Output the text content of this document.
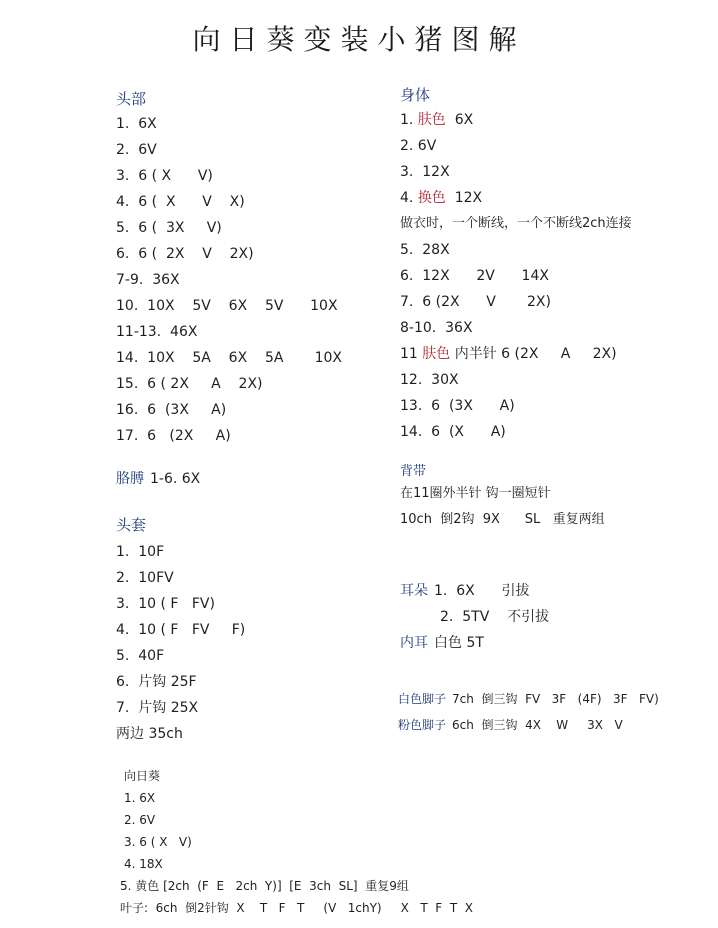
向日葵变装小猪图解
头部
1.  6X
2.  6V
3.  6 ( X      V)
4.  6 (  X      V    X)
5.  6 (  3X     V)
6.  6 (  2X    V    2X)
7-9.  36X
10.  10X    5V    6X    5V      10X
11-13.  46X
14.  10X    5A    6X    5A       10X
15.  6 ( 2X     A    2X)
16.  6  (3X     A)
17.  6   (2X     A)
胳膊 1-6. 6X
头套
1.  10F
2.  10FV
3.  10 ( F   FV)
4.  10 ( F   FV     F)
5.  40F
6.  片钩 25F
7.  片钩 25X
两边 35ch
向日葵
1. 6X
2. 6V
3. 6 ( X   V)
4. 18X
5. 黄色 [2ch  (F  E   2ch  Y)]  [E  3ch  SL]  重复9组
叶子:  6ch  倒2针钩  X    T   F   T     (V   1chY)     X   T  F  T  X
身体
1. 肤色 6X
2. 6V
3.  12X
4. 换色 12X
做衣时，一个断线，一个不断线2ch连接
5.  28X
6.  12X      2V      14X
7.  6 (2X      V       2X)
8-10.  36X
11 肤色 内半针 6 (2X     A     2X)
12.  30X
13.  6  (3X      A)
14.  6  (X      A)
背带
在11圈外半针 钩一圈短针
10ch  倒2钩  9X      SL   重复两组
耳朵 1.  6X      引拔
2.  5TV    不引拔
内耳 白色 5T
白色脚子 7ch  倒三钩  FV   3F   (4F)   3F   FV)
粉色脚子 6ch  倒三钩  4X    W     3X   V
